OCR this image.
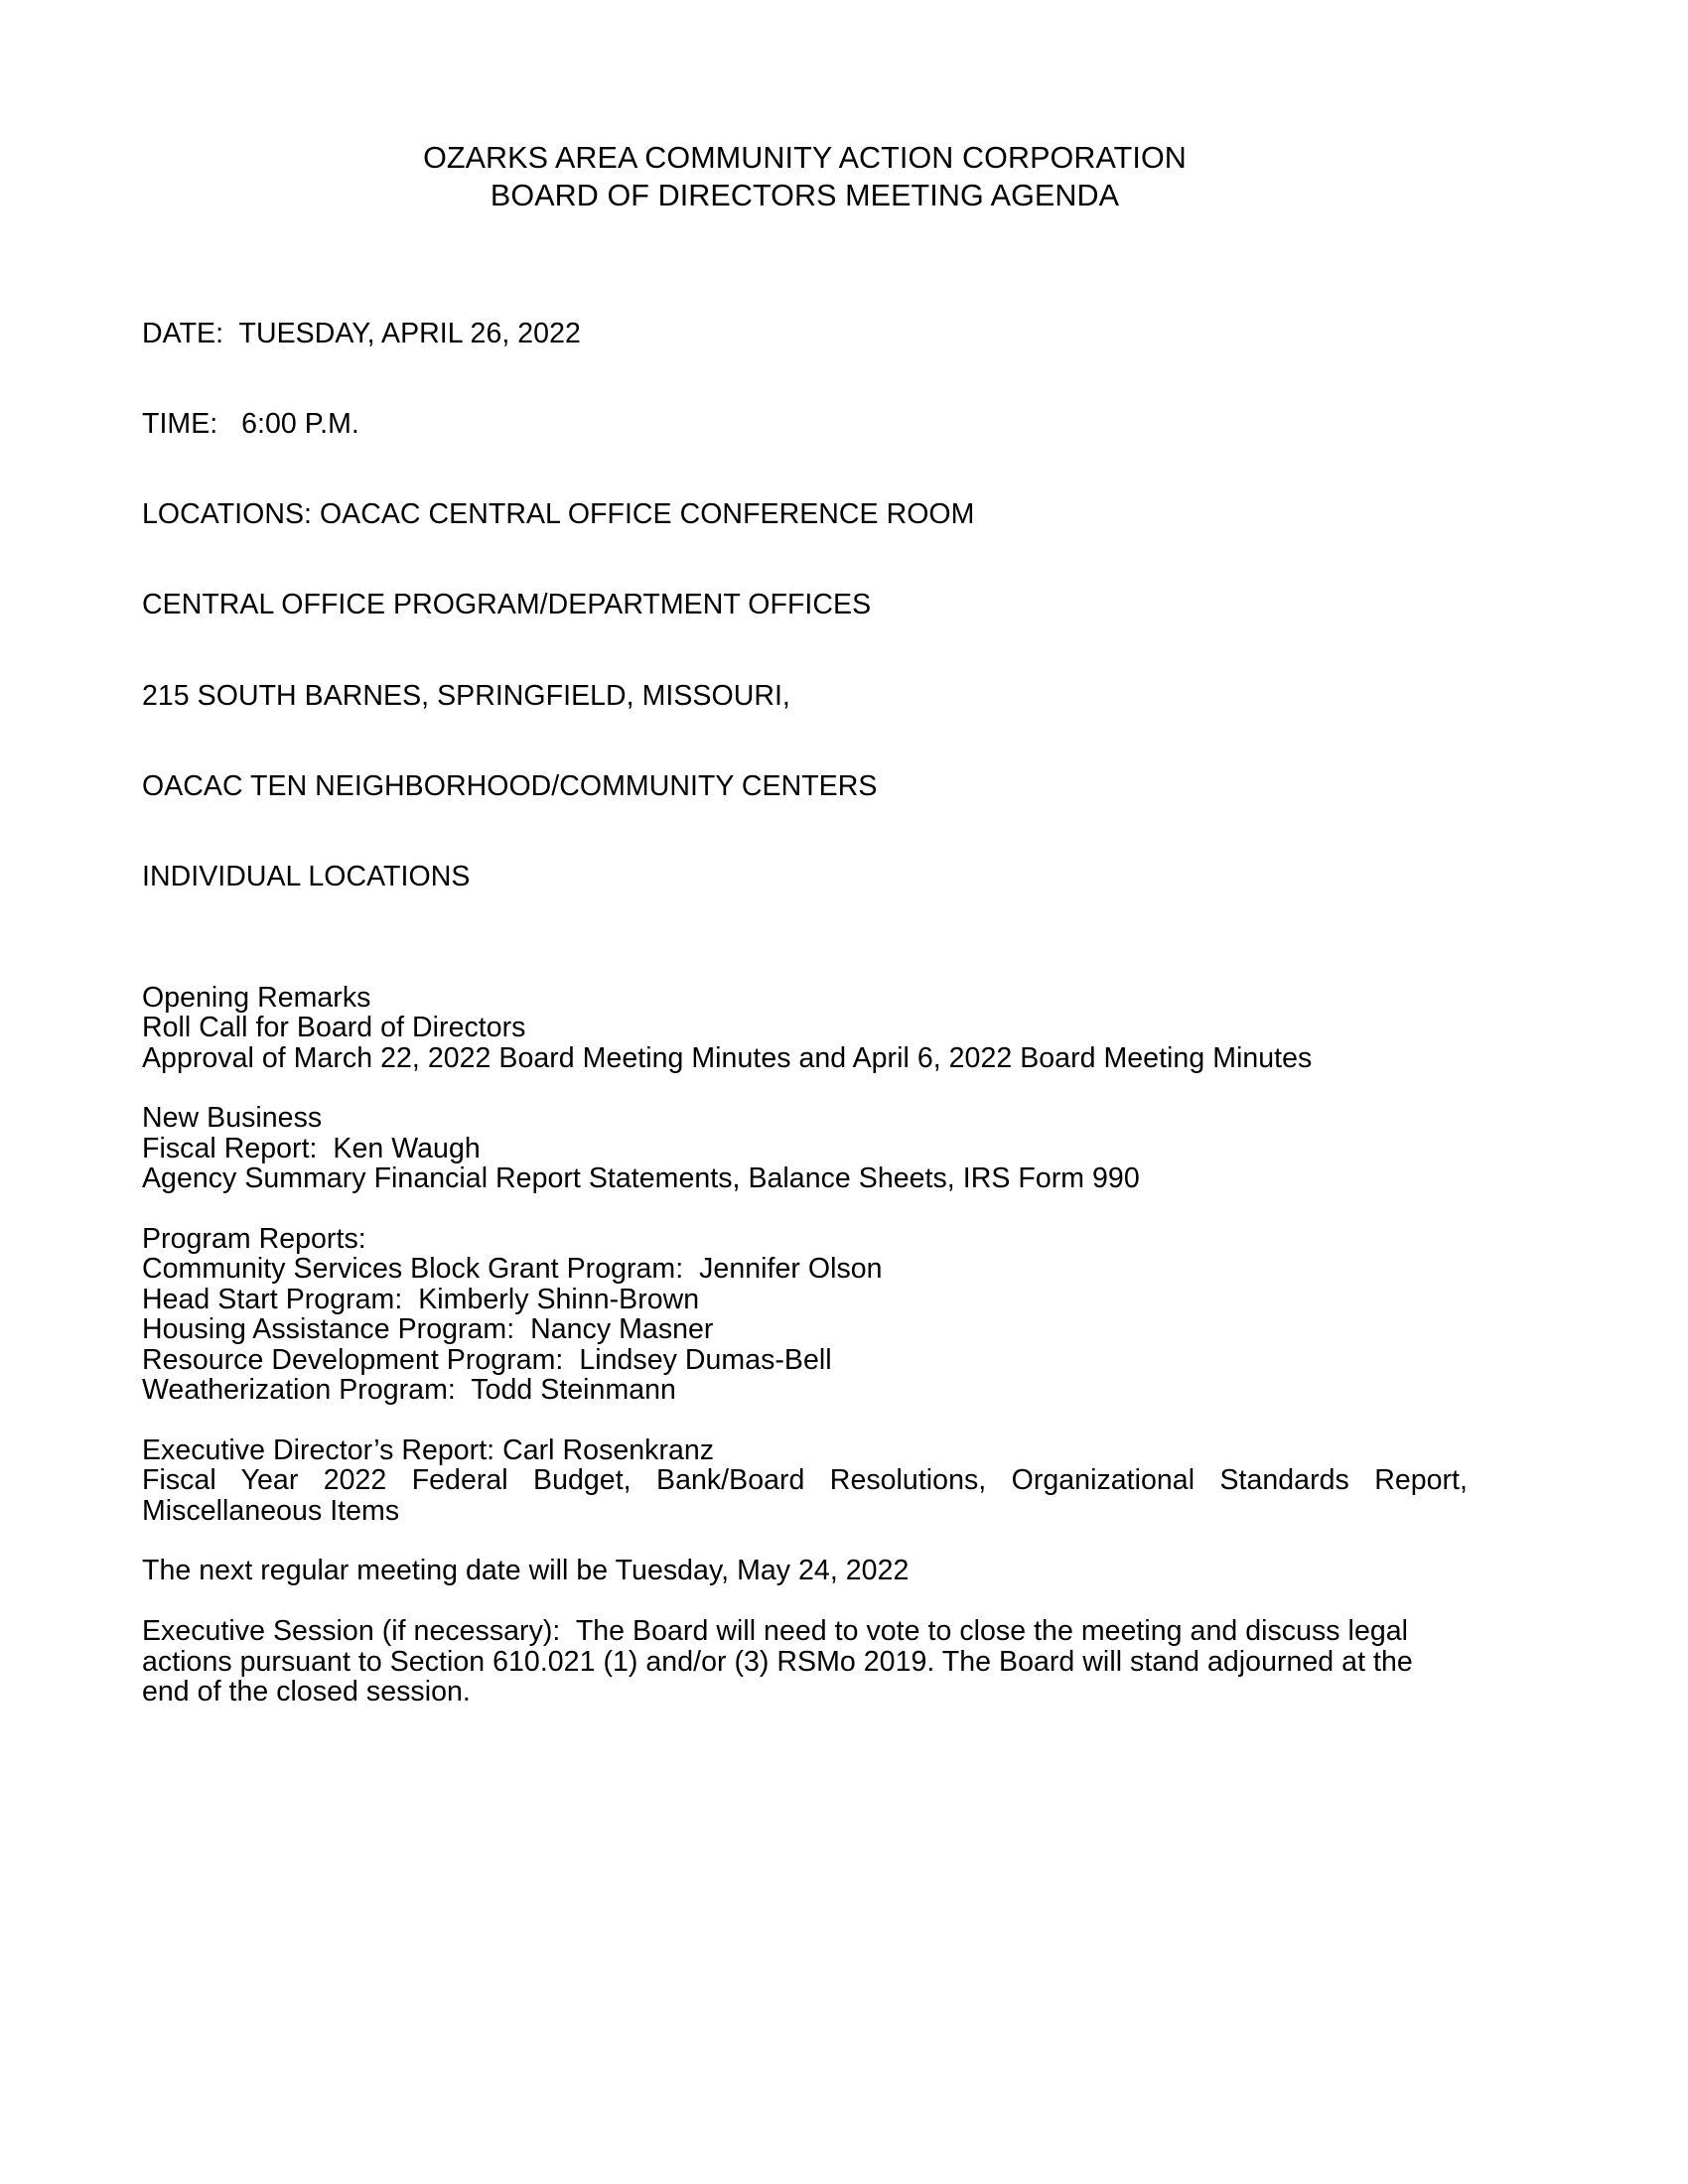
OZARKS AREA COMMUNITY ACTION CORPORATION
BOARD OF DIRECTORS MEETING AGENDA

DATE:  TUESDAY, APRIL 26, 2022

TIME:   6:00 P.M.

LOCATIONS: OACAC CENTRAL OFFICE CONFERENCE ROOM

CENTRAL OFFICE PROGRAM/DEPARTMENT OFFICES

215 SOUTH BARNES, SPRINGFIELD, MISSOURI,

OACAC TEN NEIGHBORHOOD/COMMUNITY CENTERS

INDIVIDUAL LOCATIONS

Opening Remarks
Roll Call for Board of Directors
Approval of March 22, 2022 Board Meeting Minutes and April 6, 2022 Board Meeting Minutes

New Business
Fiscal Report:  Ken Waugh
Agency Summary Financial Report Statements, Balance Sheets, IRS Form 990

Program Reports:
Community Services Block Grant Program:  Jennifer Olson
Head Start Program:  Kimberly Shinn-Brown
Housing Assistance Program:  Nancy Masner
Resource Development Program:  Lindsey Dumas-Bell
Weatherization Program:  Todd Steinmann

Executive Director’s Report: Carl Rosenkranz
Fiscal Year 2022 Federal Budget, Bank/Board Resolutions, Organizational Standards Report, Miscellaneous Items

The next regular meeting date will be Tuesday, May 24, 2022

Executive Session (if necessary):  The Board will need to vote to close the meeting and discuss legal actions pursuant to Section 610.021 (1) and/or (3) RSMo 2019. The Board will stand adjourned at the end of the closed session.
